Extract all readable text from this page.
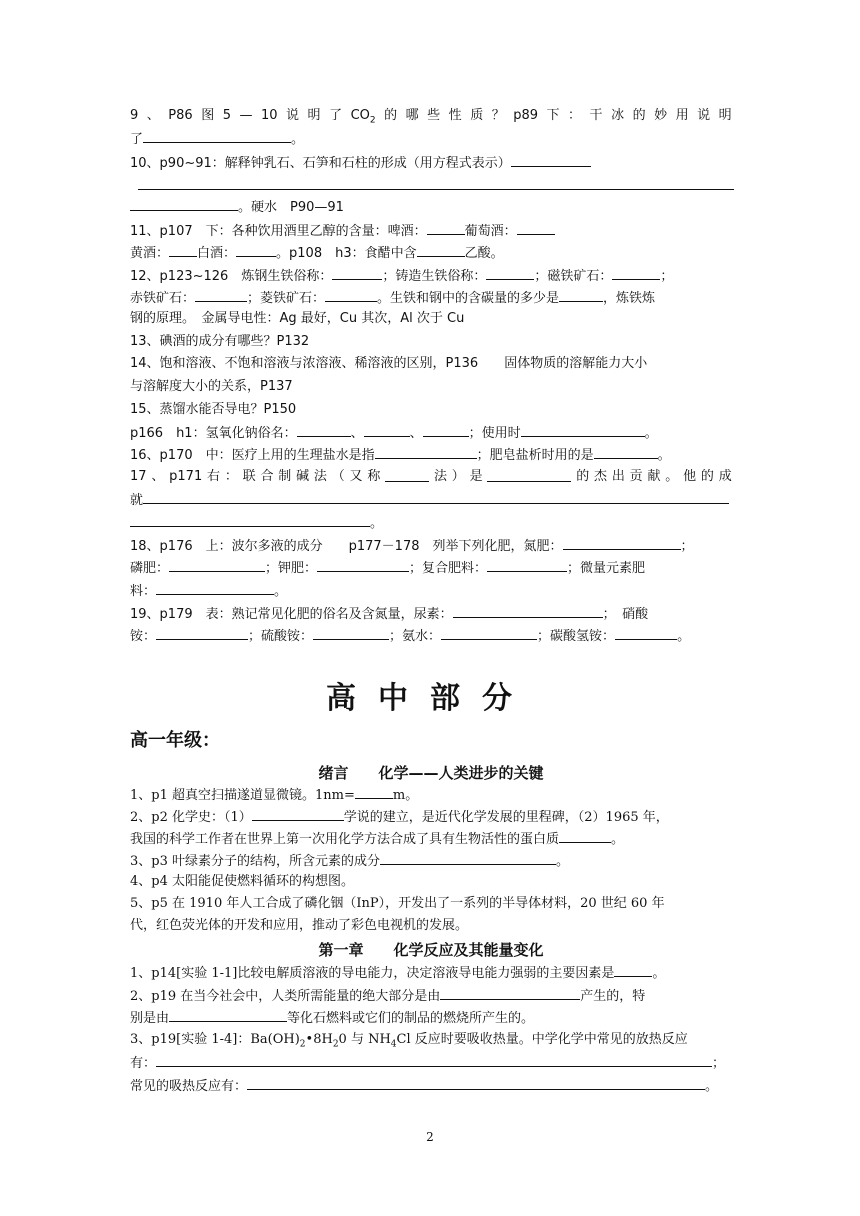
9 、 P86 图 5 — 10 说 明 了 $CO_2$ 的 哪 些 性 质 ？ p89 下 ： 干 冰 的 妙 用 说 明
了	。
10、p90~91：解释钟乳石、石笋和石柱的形成（用方程式表示）
。硬水　P90—91
11、p107　下：各种饮用酒里乙醇的含量：啤酒：	葡萄酒：
黄酒： 白酒：	。p108　h3：食醋中含	乙酸。
12、p123~126　炼钢生铁俗称：	；铸造生铁俗称：	；磁铁矿石：	；
赤铁矿石：	；菱铁矿石：	。生铁和钢中的含碳量的多少是	，炼铁炼
钢的原理。　金属导电性：Ag 最好，Cu 其次，Al 次于 Cu
13、碘酒的成分有哪些？P132
14、饱和溶液、不饱和溶液与浓溶液、稀溶液的区别，P136　　固体物质的溶解能力大小
与溶解度大小的关系，P137
15、蒸馏水能否导电？P150
p166　h1：氢氧化钠俗名：	、	、	；使用时	。
16、p170　中：医疗上用的生理盐水是指	；肥皂盐析时用的是	。
17 、 p171 右 ： 联 合 制 碱 法 （ 又 称	法 ） 是	的 杰 出 贡 献 。 他 的 成
就
。
18、p176　上：波尔多液的成分　　p177－178　列举下列化肥，氮肥：	；
磷肥：	；钾肥：	；复合肥料：	；微量元素肥
料：	。
19、p179　表：熟记常见化肥的俗名及含氮量，尿素：	；　硝酸
铵：	；硫酸铵：	；氨水：	；碳酸氢铵：	。
高中部分
高一年级：
绪言　　化学——人类进步的关键
1、p1 超真空扫描遂道显微镜。1nm=	m。
2、p2 化学史：（1）	学说的建立，是近代化学发展的里程碑，（2）1965 年，
我国的科学工作者在世界上第一次用化学方法合成了具有生物活性的蛋白质	。
3、p3 叶绿素分子的结构，所含元素的成分	。
4、p4 太阳能促使燃料循环的构想图。
5、p5 在 1910 年人工合成了磷化铟（InP），开发出了一系列的半导体材料，20 世纪 60 年
代，红色荧光体的开发和应用，推动了彩色电视机的发展。
第一章　　化学反应及其能量变化
1、p14[实验 1-1]比较电解质溶液的导电能力，决定溶液导电能力强弱的主要因素是	。
2、p19 在当今社会中，人类所需能量的绝大部分是由	产生的，特
别是由	等化石燃料或它们的制品的燃烧所产生的。
3、p19[实验 1-4]：$Ba(OH)_2•8H_20$ 与 $NH_4Cl$ 反应时要吸收热量。中学化学中常见的放热反应
有：	；
常见的吸热反应有：	。
2
